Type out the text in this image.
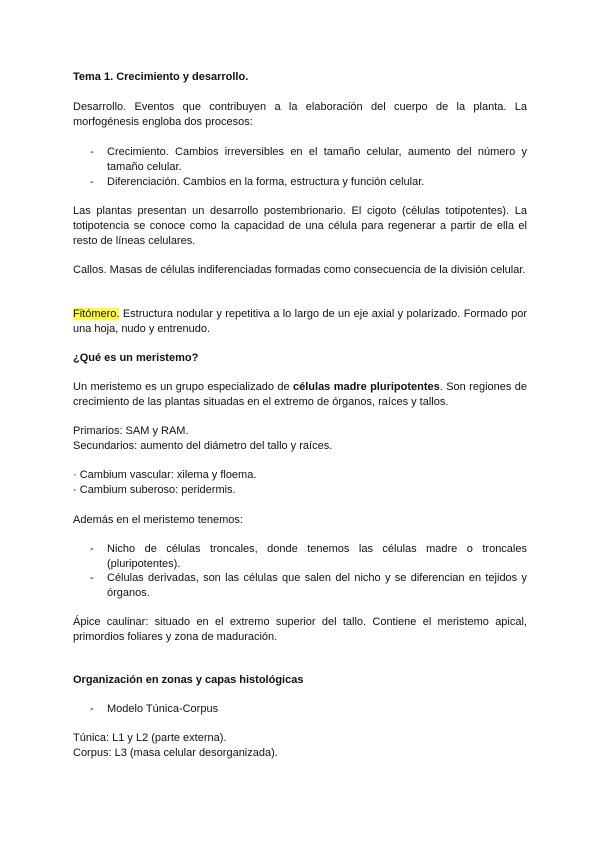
Tema 1. Crecimiento y desarrollo.

Desarrollo. Eventos que contribuyen a la elaboración del cuerpo de la planta. La morfogénesis engloba dos procesos:

- Crecimiento. Cambios irreversibles en el tamaño celular, aumento del número y tamaño celular.

- Diferenciación. Cambios en la forma, estructura y función celular.

Las plantas presentan un desarrollo postembrionario. El cigoto (células totipotentes). La totipotencia se conoce como la capacidad de una célula para regenerar a partir de ella el resto de líneas celulares.

Callos. Masas de células indiferenciadas formadas como consecuencia de la división celular.

Fitómero. Estructura nodular y repetitiva a lo largo de un eje axial y polarizado. Formado por una hoja, nudo y entrenudo.

¿Qué es un meristemo?

Un meristemo es un grupo especializado de células madre pluripotentes. Son regiones de crecimiento de las plantas situadas en el extremo de órganos, raíces y tallos.

Primarios: SAM y RAM.

Secundarios: aumento del diámetro del tallo y raíces.

· Cambium vascular: xilema y floema.

· Cambium suberoso: peridermis.

Además en el meristemo tenemos:

- Nicho de células troncales, donde tenemos las células madre o troncales (pluripotentes).

- Células derivadas, son las células que salen del nicho y se diferencian en tejidos y órganos.

Ápice caulinar: situado en el extremo superior del tallo. Contiene el meristemo apical, primordios foliares y zona de maduración.

Organización en zonas y capas histológicas

- Modelo Túnica-Corpus

Túnica: L1 y L2 (parte externa).

Corpus: L3 (masa celular desorganizada).
